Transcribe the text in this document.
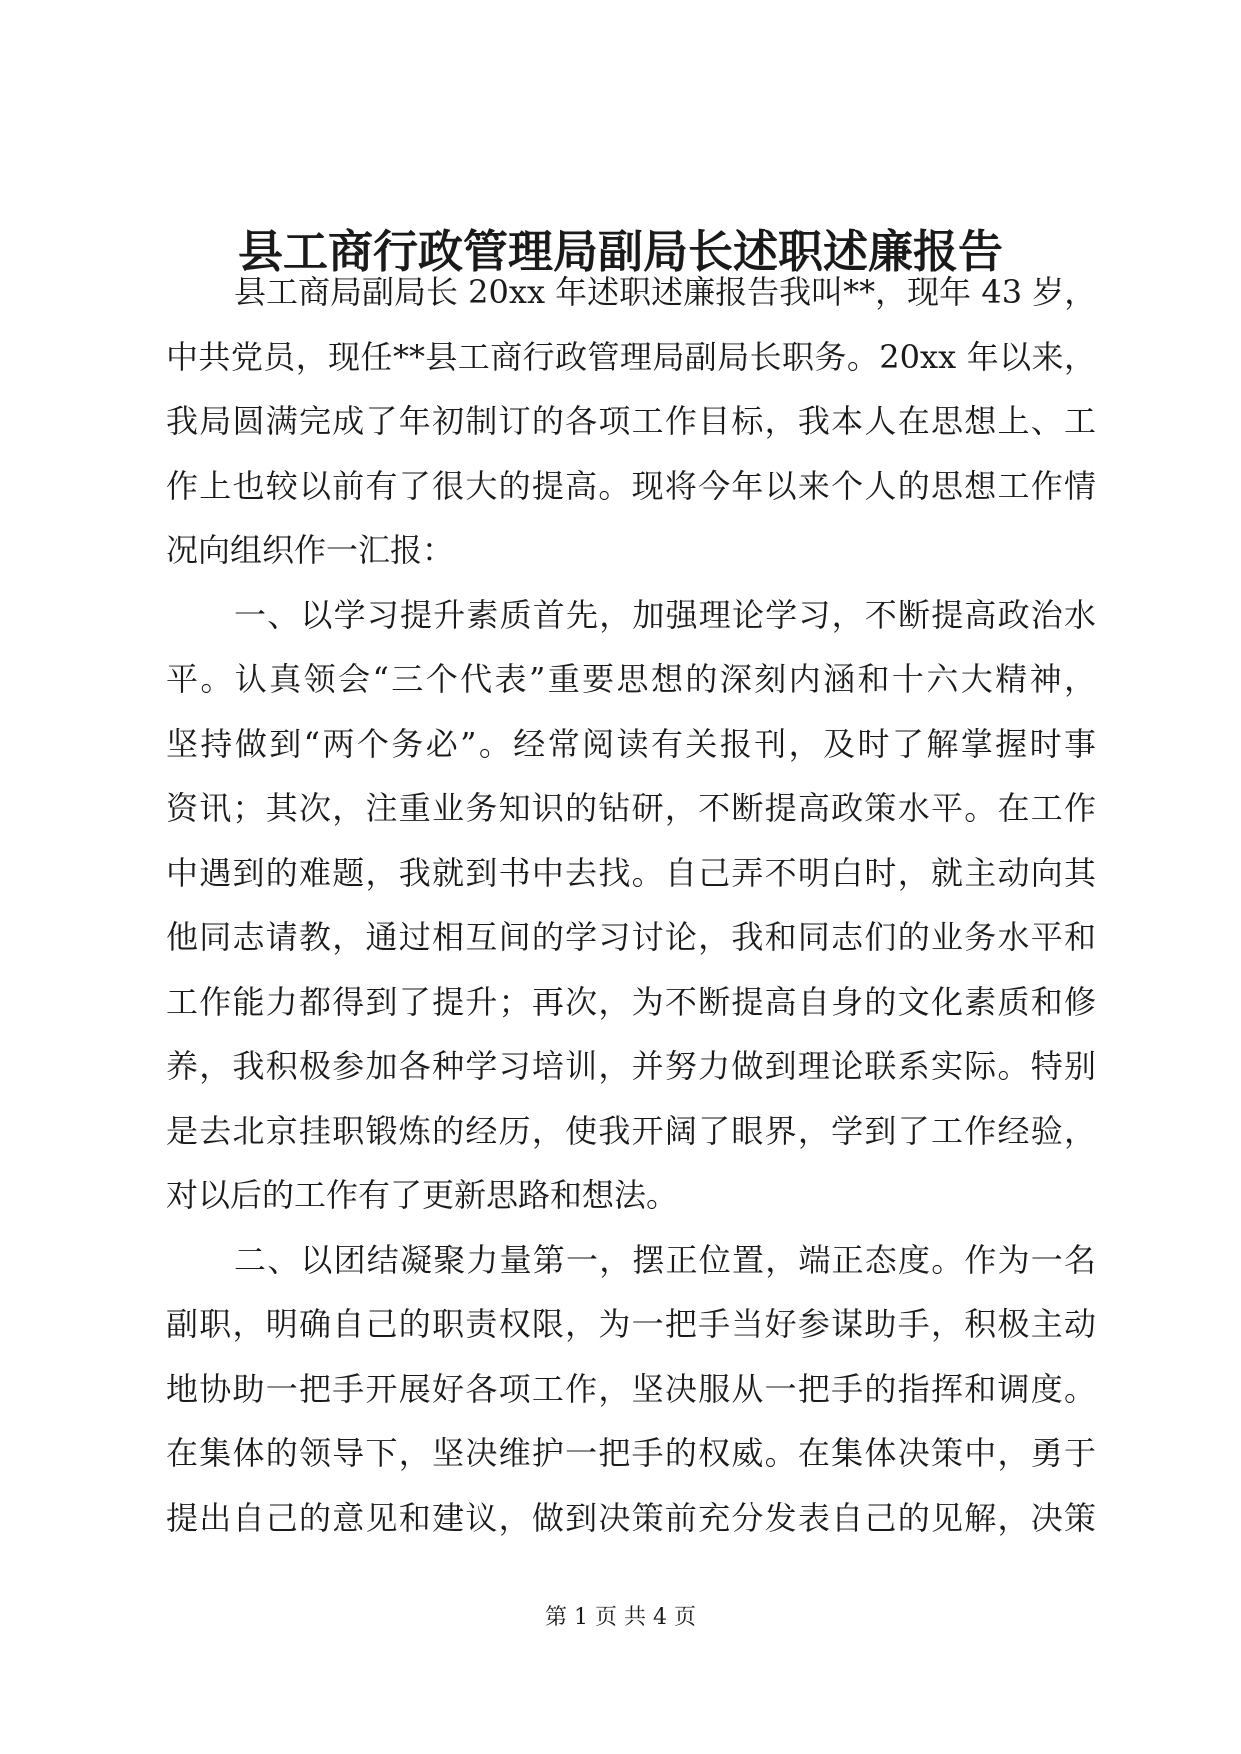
县工商行政管理局副局长述职述廉报告
县工商局副局长 20xx 年述职述廉报告我叫**，现年 43 岁，
中共党员，现任**县工商行政管理局副局长职务。20xx 年以来，
我局圆满完成了年初制订的各项工作目标，我本人在思想上、工
作上也较以前有了很大的提高。现将今年以来个人的思想工作情
况向组织作一汇报：
一、以学习提升素质首先，加强理论学习，不断提高政治水
平。认真领会“三个代表”重要思想的深刻内涵和十六大精神，
坚持做到“两个务必”。经常阅读有关报刊，及时了解掌握时事
资讯；其次，注重业务知识的钻研，不断提高政策水平。在工作
中遇到的难题，我就到书中去找。自己弄不明白时，就主动向其
他同志请教，通过相互间的学习讨论，我和同志们的业务水平和
工作能力都得到了提升；再次，为不断提高自身的文化素质和修
养，我积极参加各种学习培训，并努力做到理论联系实际。特别
是去北京挂职锻炼的经历，使我开阔了眼界，学到了工作经验，
对以后的工作有了更新思路和想法。
二、以团结凝聚力量第一，摆正位置，端正态度。作为一名
副职，明确自己的职责权限，为一把手当好参谋助手，积极主动
地协助一把手开展好各项工作，坚决服从一把手的指挥和调度。
在集体的领导下，坚决维护一把手的权威。在集体决策中，勇于
提出自己的意见和建议，做到决策前充分发表自己的见解，决策
第 1 页 共 4 页
